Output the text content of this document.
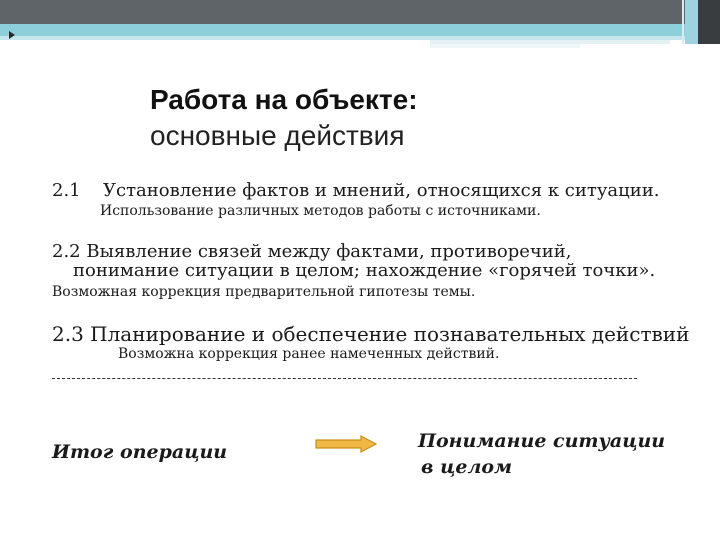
Работа на объекте:
основные действия
2.1 Установление фактов и мнений, относящихся к ситуации.
Использование различных методов работы с источниками.
2.2 Выявление связей между фактами, противоречий,
понимание ситуации в целом; нахождение «горячей точки».
Возможная коррекция предварительной гипотезы темы.
2.3 Планирование и обеспечение познавательных действий
Возможна коррекция ранее намеченных действий.
Итог операции	Понимание ситуации
в целом
